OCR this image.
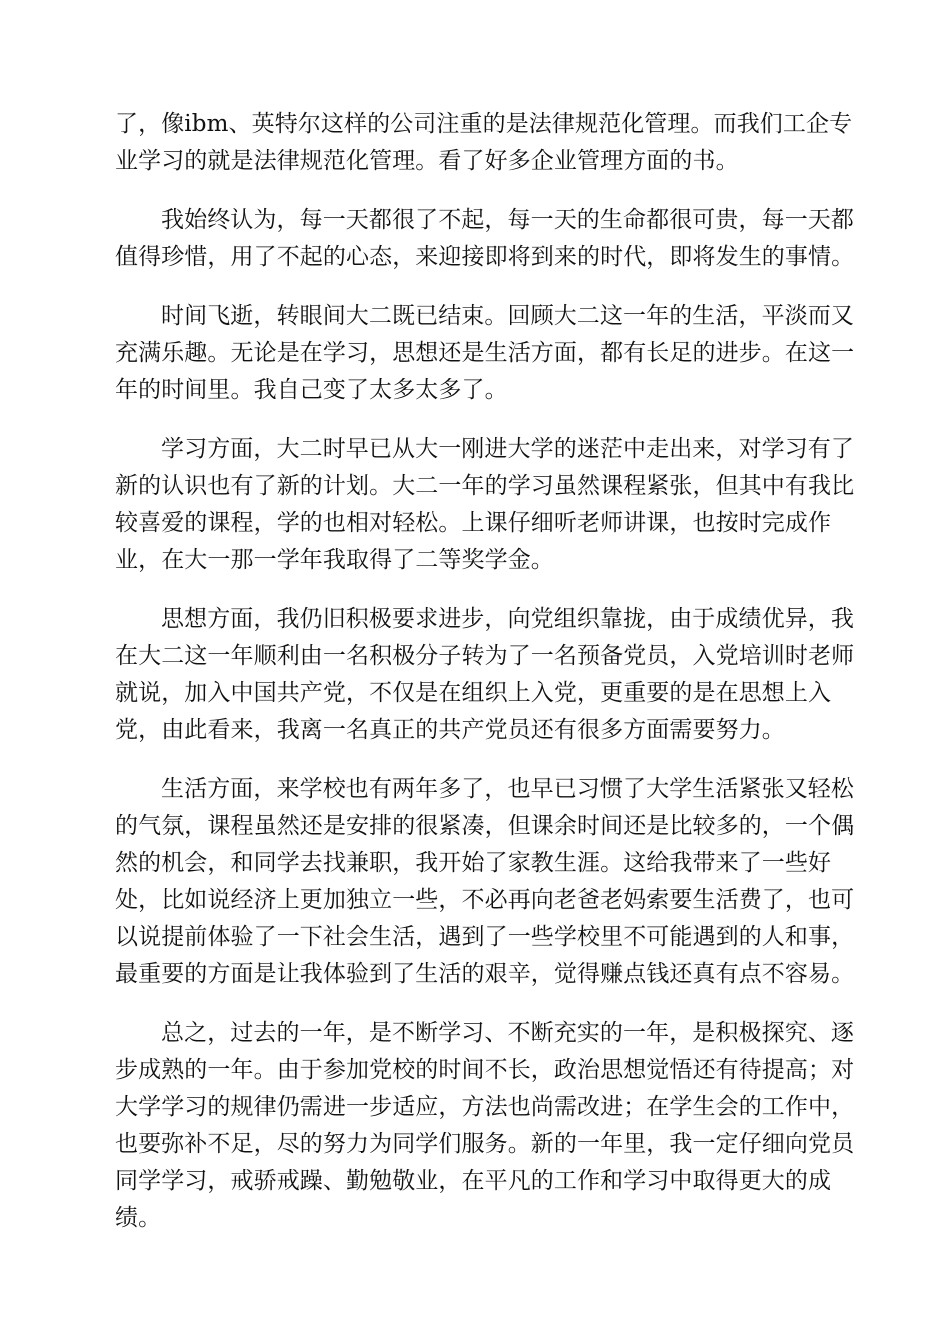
了，像ibm、英特尔这样的公司注重的是法律规范化管理。而我们工企专
业学习的就是法律规范化管理。看了好多企业管理方面的书。
我始终认为，每一天都很了不起，每一天的生命都很可贵，每一天都
值得珍惜，用了不起的心态，来迎接即将到来的时代，即将发生的事情。
时间飞逝，转眼间大二既已结束。回顾大二这一年的生活，平淡而又
充满乐趣。无论是在学习，思想还是生活方面，都有长足的进步。在这一
年的时间里。我自己变了太多太多了。
学习方面，大二时早已从大一刚进大学的迷茫中走出来，对学习有了
新的认识也有了新的计划。大二一年的学习虽然课程紧张，但其中有我比
较喜爱的课程，学的也相对轻松。上课仔细听老师讲课，也按时完成作
业，在大一那一学年我取得了二等奖学金。
思想方面，我仍旧积极要求进步，向党组织靠拢，由于成绩优异，我
在大二这一年顺利由一名积极分子转为了一名预备党员，入党培训时老师
就说，加入中国共产党，不仅是在组织上入党，更重要的是在思想上入
党，由此看来，我离一名真正的共产党员还有很多方面需要努力。
生活方面，来学校也有两年多了，也早已习惯了大学生活紧张又轻松
的气氛，课程虽然还是安排的很紧凑，但课余时间还是比较多的，一个偶
然的机会，和同学去找兼职，我开始了家教生涯。这给我带来了一些好
处，比如说经济上更加独立一些，不必再向老爸老妈索要生活费了，也可
以说提前体验了一下社会生活，遇到了一些学校里不可能遇到的人和事，
最重要的方面是让我体验到了生活的艰辛，觉得赚点钱还真有点不容易。
总之，过去的一年，是不断学习、不断充实的一年，是积极探究、逐
步成熟的一年。由于参加党校的时间不长，政治思想觉悟还有待提高；对
大学学习的规律仍需进一步适应，方法也尚需改进；在学生会的工作中，
也要弥补不足，尽的努力为同学们服务。新的一年里，我一定仔细向党员
同学学习，戒骄戒躁、勤勉敬业，在平凡的工作和学习中取得更大的成
绩。
